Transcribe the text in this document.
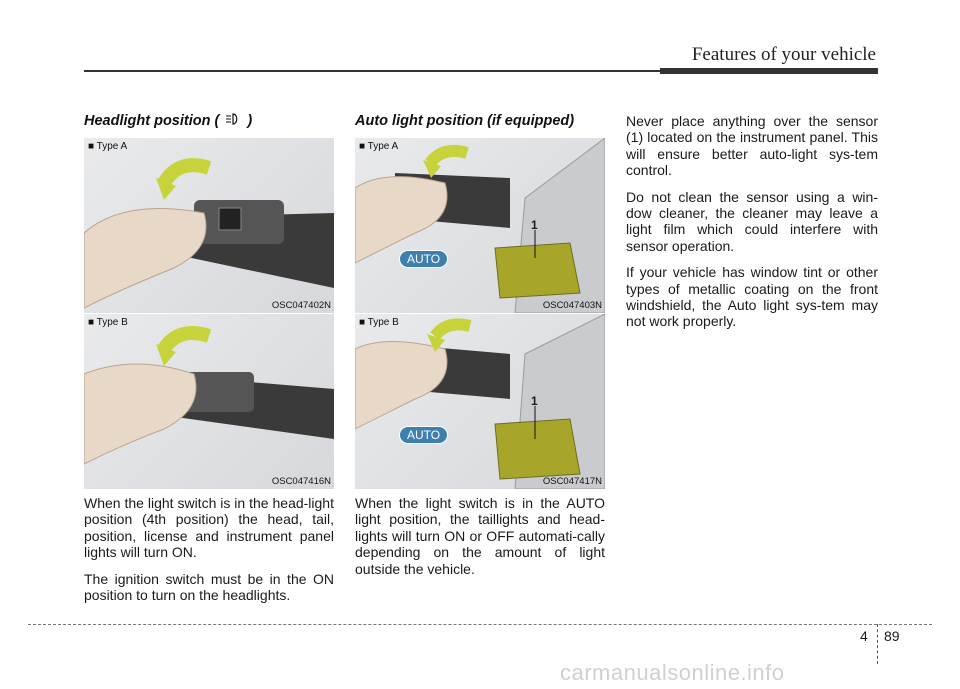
Features of your vehicle
Headlight position ( )
■ Type A
OSC047402N
■ Type B
OSC047416N

When the light switch is in the head-light position (4th position) the head, tail, position, license and instrument panel lights will turn ON.

The ignition switch must be in the ON position to turn on the headlights.

Auto light position (if equipped)
■ Type A
AUTO
1
OSC047403N
■ Type B
AUTO
1
OSC047417N

When the light switch is in the AUTO light position, the taillights and head-lights will turn ON or OFF automati-cally depending on the amount of light outside the vehicle.

Never place anything over the sensor (1) located on the instrument panel. This will ensure better auto-light sys-tem control.

Do not clean the sensor using a win-dow cleaner, the cleaner may leave a light film which could interfere with sensor operation.

If your vehicle has window tint or other types of metallic coating on the front windshield, the Auto light sys-tem may not work properly.

4 89
carmanualsonline.info
